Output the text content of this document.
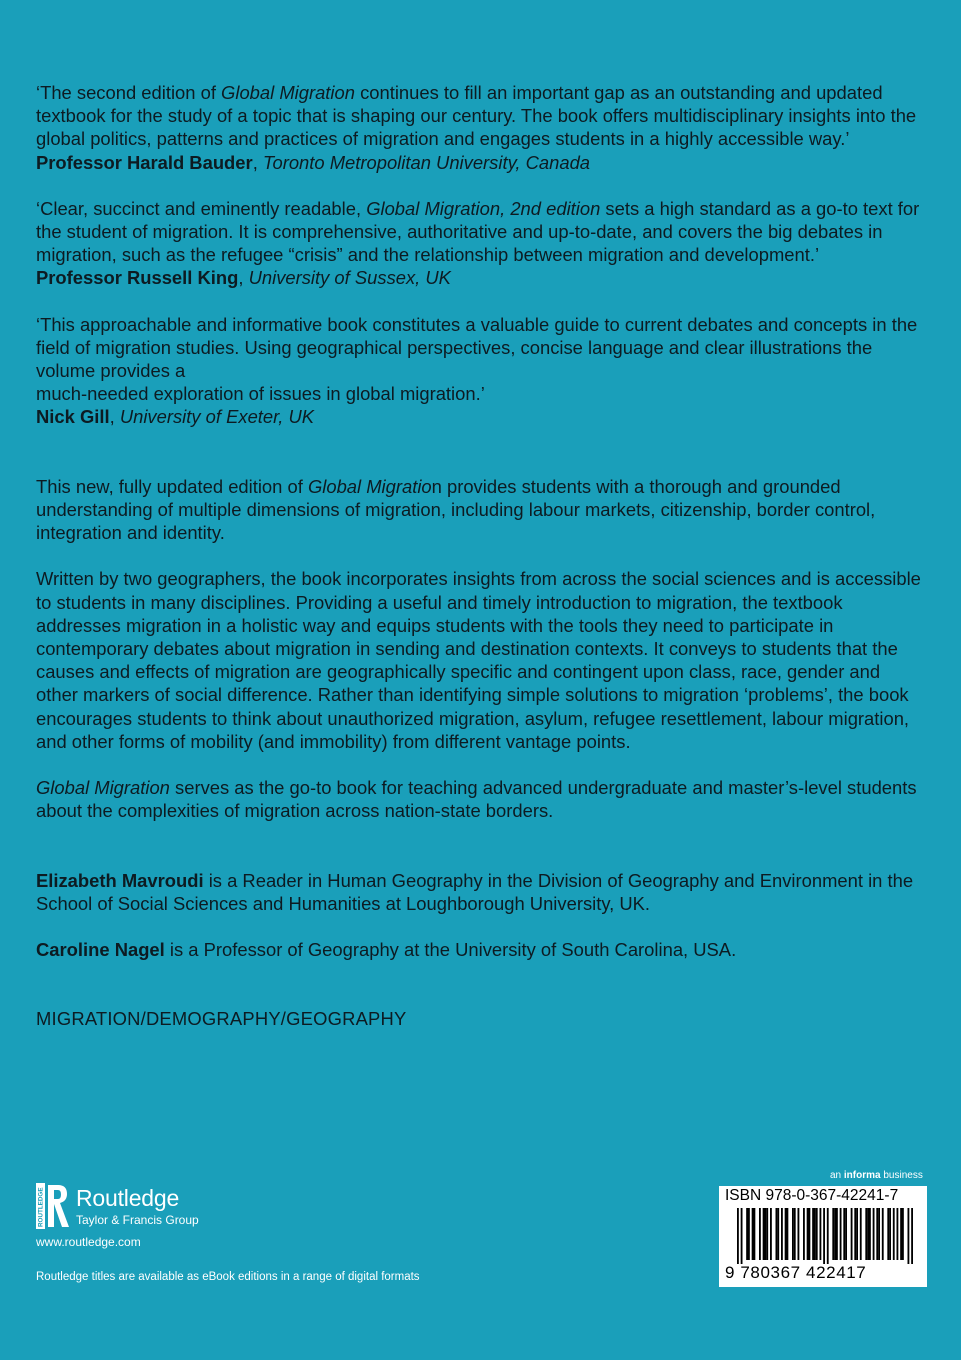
‘The second edition of Global Migration continues to fill an important gap as an outstanding and updated textbook for the study of a topic that is shaping our century. The book offers multidisciplinary insights into the global politics, patterns and practices of migration and engages students in a highly accessible way.’

Professor Harald Bauder, Toronto Metropolitan University, Canada

‘Clear, succinct and eminently readable, Global Migration, 2nd edition sets a high standard as a go-to text for the student of migration. It is comprehensive, authoritative and up-to-date, and covers the big debates in migration, such as the refugee “crisis” and the relationship between migration and development.’

Professor Russell King, University of Sussex, UK

‘This approachable and informative book constitutes a valuable guide to current debates and concepts in the field of migration studies. Using geographical perspectives, concise language and clear illustrations the volume provides a
much-needed exploration of issues in global migration.’

Nick Gill, University of Exeter, UK

This new, fully updated edition of Global Migration provides students with a thorough and grounded understanding of multiple dimensions of migration, including labour markets, citizenship, border control, integration and identity.

Written by two geographers, the book incorporates insights from across the social sciences and is accessible to students in many disciplines. Providing a useful and timely introduction to migration, the textbook addresses migration in a holistic way and equips students with the tools they need to participate in contemporary debates about migration in sending and destination contexts. It conveys to students that the causes and effects of migration are geographically specific and contingent upon class, race, gender and other markers of social difference. Rather than identifying simple solutions to migration ‘problems’, the book encourages students to think about unauthorized migration, asylum, refugee resettlement, labour migration, and other forms of mobility (and immobility) from different vantage points.

Global Migration serves as the go-to book for teaching advanced undergraduate and master’s-level students about the complexities of migration across nation-state borders.

Elizabeth Mavroudi is a Reader in Human Geography in the Division of Geography and Environment in the School of Social Sciences and Humanities at Loughborough University, UK.

Caroline Nagel is a Professor of Geography at the University of South Carolina, USA.

MIGRATION/DEMOGRAPHY/GEOGRAPHY
ROUTLEDGE Routledge
Taylor & Francis Group
www.routledge.com
Routledge titles are available as eBook editions in a range of digital formats
an informa business
ISBN 978-0-367-42241-7
9 780367 422417
